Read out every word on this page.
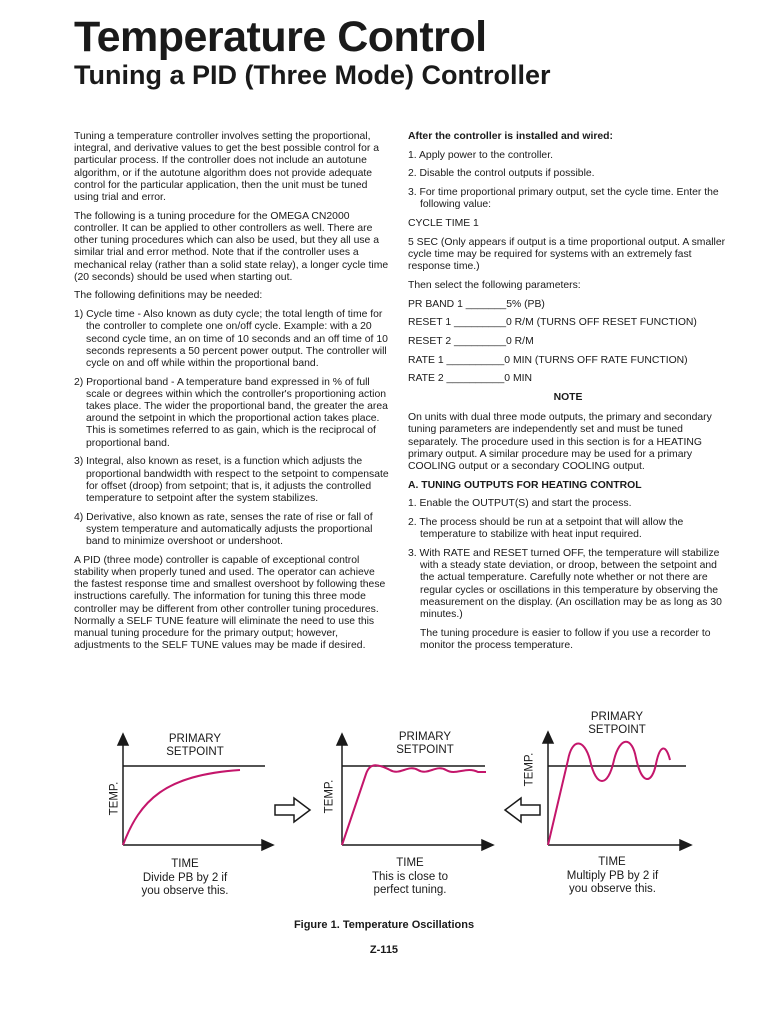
Temperature Control
Tuning a PID (Three Mode) Controller

Tuning a temperature controller involves setting the proportional, integral, and derivative values to get the best possible control for a particular process. If the controller does not include an autotune algorithm, or if the autotune algorithm does not provide adequate control for the particular application, then the unit must be tuned using trial and error.

The following is a tuning procedure for the OMEGA CN2000 controller. It can be applied to other controllers as well. There are other tuning procedures which can also be used, but they all use a similar trial and error method. Note that if the controller uses a mechanical relay (rather than a solid state relay), a longer cycle time (20 seconds) should be used when starting out.

The following definitions may be needed:

1) Cycle time - Also known as duty cycle; the total length of time for the controller to complete one on/off cycle. Example: with a 20 second cycle time, an on time of 10 seconds and an off time of 10 seconds represents a 50 percent power output. The controller will cycle on and off while within the proportional band.
2) Proportional band - A temperature band expressed in % of full scale or degrees within which the controller's proportioning action takes place. The wider the proportional band, the greater the area around the setpoint in which the proportional action takes place. This is sometimes referred to as gain, which is the reciprocal of proportional band.
3) Integral, also known as reset, is a function which adjusts the proportional bandwidth with respect to the setpoint to compensate for offset (droop) from setpoint; that is, it adjusts the controlled temperature to setpoint after the system stabilizes.
4) Derivative, also known as rate, senses the rate of rise or fall of system temperature and automatically adjusts the proportional band to minimize overshoot or undershoot.

A PID (three mode) controller is capable of exceptional control stability when properly tuned and used. The operator can achieve the fastest response time and smallest overshoot by following these instructions carefully. The information for tuning this three mode controller may be different from other controller tuning procedures. Normally a SELF TUNE feature will eliminate the need to use this manual tuning procedure for the primary output; however, adjustments to the SELF TUNE values may be made if desired.

After the controller is installed and wired:

1. Apply power to the controller.
2. Disable the control outputs if possible.
3. For time proportional primary output, set the cycle time. Enter the following value:

CYCLE TIME 1

5 SEC (Only appears if output is a time proportional output. A smaller cycle time may be required for systems with an extremely fast response time.)

Then select the following parameters:

PR BAND 1 _______5% (PB)

RESET 1 _________0 R/M (TURNS OFF RESET FUNCTION)

RESET 2 _________0 R/M

RATE 1 __________0 MIN (TURNS OFF RATE FUNCTION)

RATE 2 __________0 MIN

NOTE

On units with dual three mode outputs, the primary and secondary tuning parameters are independently set and must be tuned separately. The procedure used in this section is for a HEATING primary output. A similar procedure may be used for a primary COOLING output or a secondary COOLING output.

A. TUNING OUTPUTS FOR HEATING CONTROL

1. Enable the OUTPUT(S) and start the process.
2. The process should be run at a setpoint that will allow the temperature to stabilize with heat input required.
3. With RATE and RESET turned OFF, the temperature will stabilize with a steady state deviation, or droop, between the setpoint and the actual temperature. Carefully note whether or not there are regular cycles or oscillations in this temperature by observing the measurement on the display. (An oscillation may be as long as 30 minutes.)

The tuning procedure is easier to follow if you use a recorder to monitor the process temperature.

PRIMARY
SETPOINT
TEMP.
TIME
Divide PB by 2 if
you observe this.
PRIMARY
SETPOINT
TEMP.
TIME
This is close to
perfect tuning.
PRIMARY
SETPOINT
TEMP.
TIME
Multiply PB by 2 if
you observe this.
Figure 1. Temperature Oscillations
Z-115
